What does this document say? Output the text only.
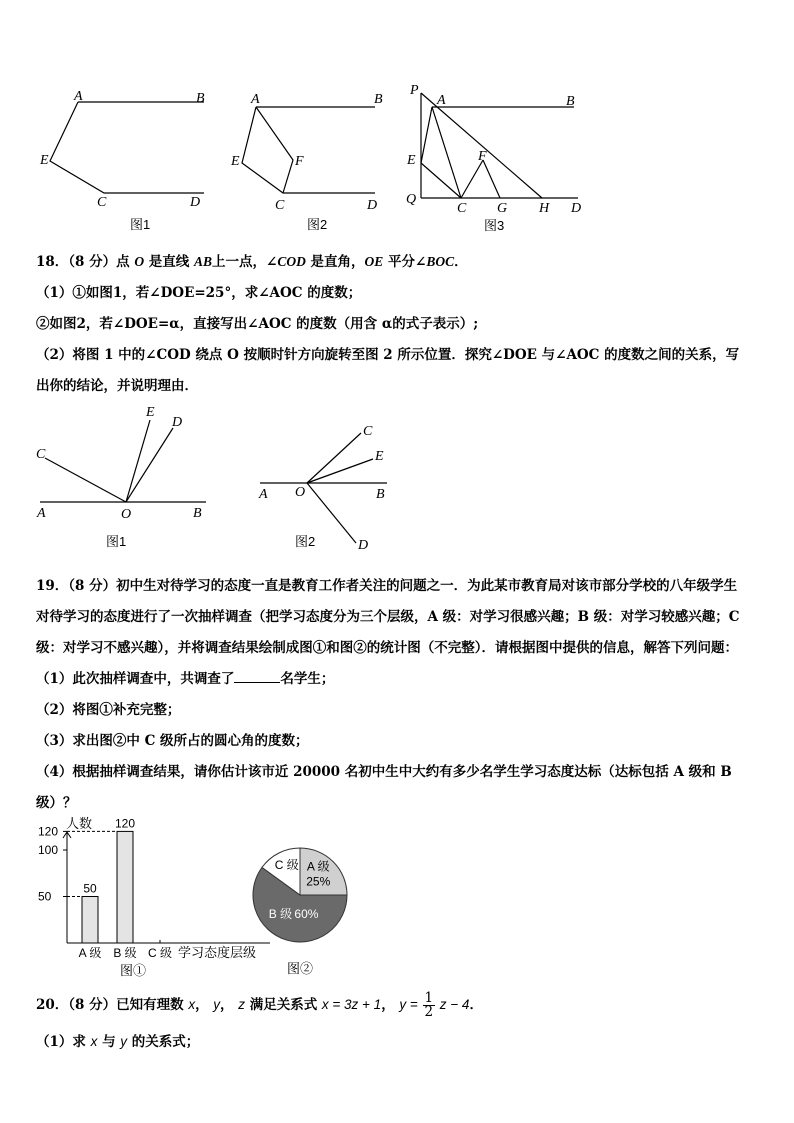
A	B
E
C	D
图1
A	B
E	F
C	D
图2
P
A	B
E	F
Q
C G H D
图3
18．（8 分）点 O 是直线 AB上一点，∠COD 是直角，OE 平分∠BOC．
（1）①如图1，若∠DOE=25°，求∠AOC 的度数；
②如图2，若∠DOE=α，直接写出∠AOC 的度数（用含 α的式子表示）;
（2）将图 1 中的∠COD 绕点 O 按顺时针方向旋转至图 2 所示位置．探究∠DOE 与∠AOC 的度数之间的关系，写
出你的结论，并说明理由．
C
E
D
A	O	B
图1
C
E
A O	B
D
图2
19．（8 分）初中生对待学习的态度一直是教育工作者关注的问题之一．为此某市教育局对该市部分学校的八年级学生
对待学习的态度进行了一次抽样调查（把学习态度分为三个层级，A 级：对学习很感兴趣；B 级：对学习较感兴趣；C
级：对学习不感兴趣），并将调查结果绘制成图①和图②的统计图（不完整）．请根据图中提供的信息，解答下列问题：
（1）此次抽样调查中，共调查了	名学生；
（2）将图①补充完整；
（3）求出图②中 C 级所占的圆心角的度数；
（4）根据抽样调查结果，请你估计该市近 20000 名初中生中大约有多少名学生学习态度达标（达标包括 A 级和 B
级）？
人数
50
100
120
50
120
A 级 B 级 C 级 学习态度层级
图①
A 级
25%
B 级 60%
C 级
图②
20．（8 分）已知有理数 x， y， z 满足关系式 x = 3z + 1， $y = \frac{1}{2}$ z − 4．
（1）求 x 与 y 的关系式；
